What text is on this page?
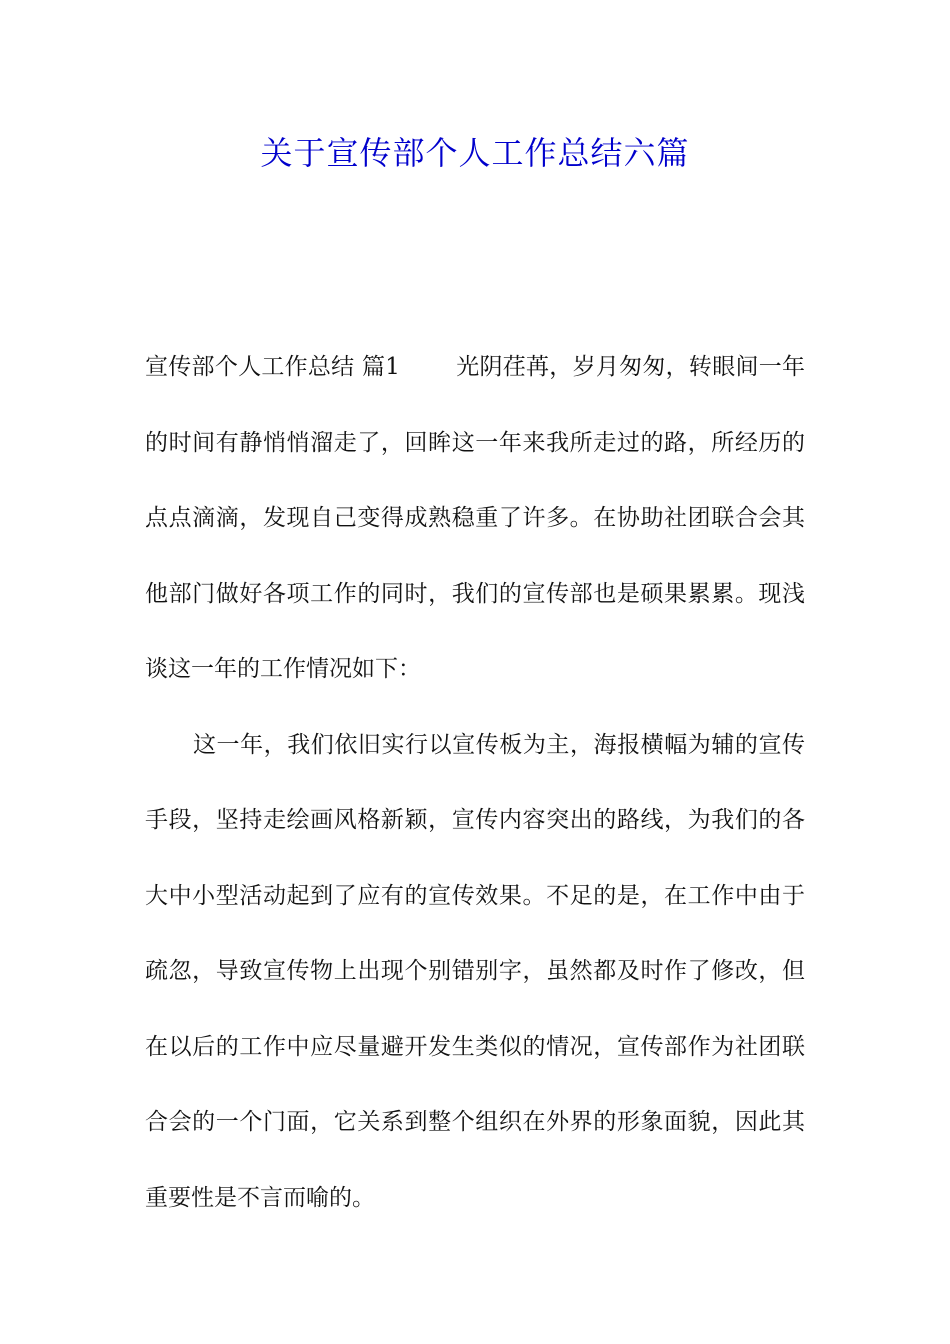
关于宣传部个人工作总结六篇

宣传部个人工作总结 篇1 光阴荏苒，岁月匆匆，转眼间一年的时间有静悄悄溜走了，回眸这一年来我所走过的路，所经历的点点滴滴，发现自己变得成熟稳重了许多。在协助社团联合会其他部门做好各项工作的同时，我们的宣传部也是硕果累累。现浅谈这一年的工作情况如下：

这一年，我们依旧实行以宣传板为主，海报横幅为辅的宣传手段，坚持走绘画风格新颖，宣传内容突出的路线，为我们的各大中小型活动起到了应有的宣传效果。不足的是，在工作中由于疏忽，导致宣传物上出现个别错别字，虽然都及时作了修改，但在以后的工作中应尽量避开发生类似的情况，宣传部作为社团联合会的一个门面，它关系到整个组织在外界的形象面貌，因此其重要性是不言而喻的。
